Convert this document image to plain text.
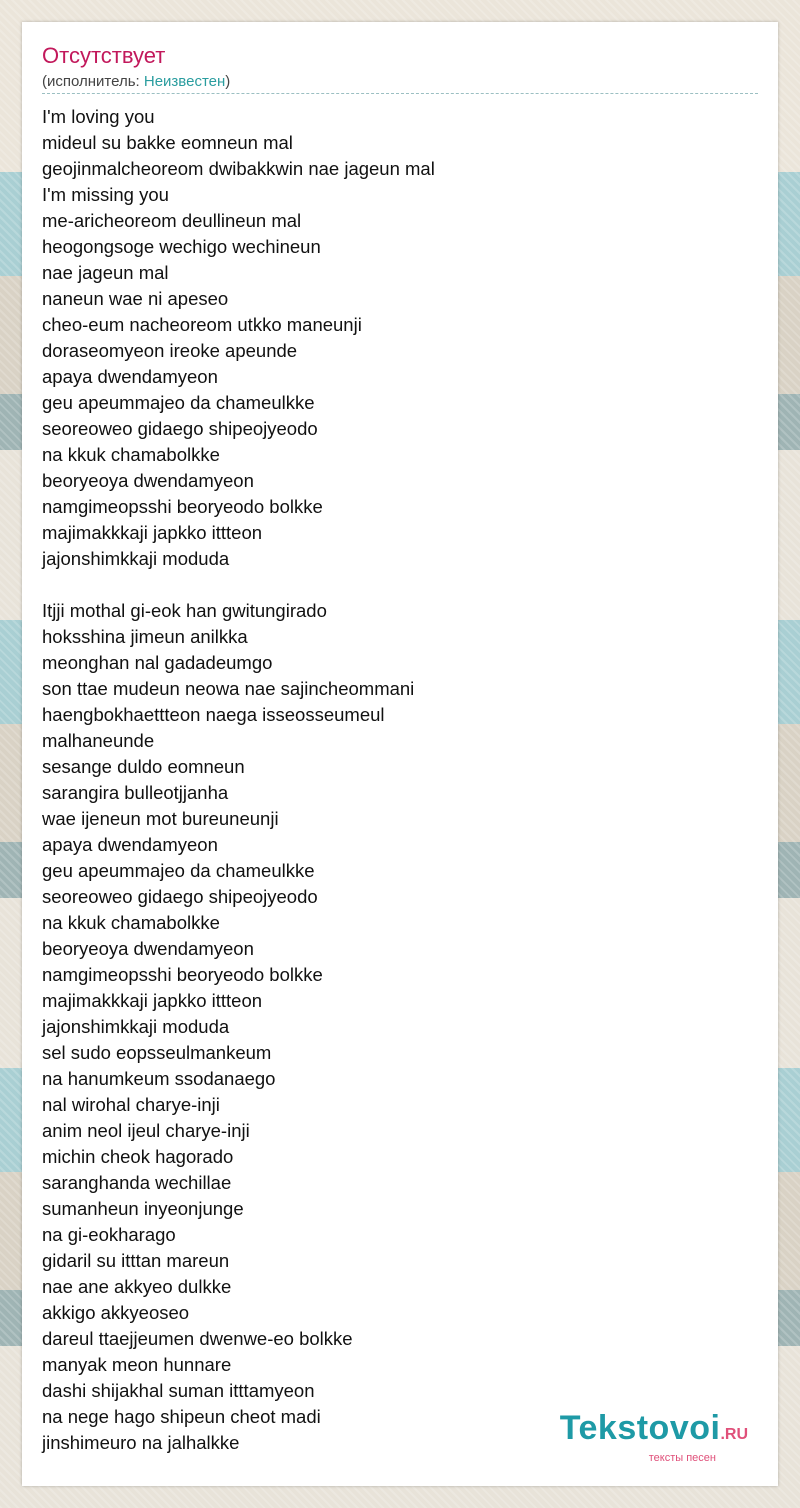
Отсутствует
(исполнитель: Неизвестен)
I'm loving you
mideul su bakke eomneun mal
geojinmalcheoreom dwibakkwin nae jageun mal
I'm missing you
me-aricheoreom deullineun mal
heogongsoge wechigo wechineun
nae jageun mal
naneun wae ni apeseo
cheo-eum nacheoreom utkko maneunji
doraseomyeon ireoke apeunde
apaya dwendamyeon
geu apeummajeo da chameulkke
seoreoweo gidaego shipeojyeodo
na kkuk chamabolkke
beoryeoya dwendamyeon
namgimeopsshi beoryeodo bolkke
majimakkkaji japkko ittteon
jajonshimkkaji moduda
Itjji mothal gi-eok han gwitungirado
hoksshina jimeun anilkka
meonghan nal gadadeumgo
son ttae mudeun neowa nae sajincheommani
haengbokhaettteon naega isseosseumeul
malhaneunde
sesange duldo eomneun
sarangira bulleotjjanha
wae ijeneun mot bureuneunji
apaya dwendamyeon
geu apeummajeo da chameulkke
seoreoweo gidaego shipeojyeodo
na kkuk chamabolkke
beoryeoya dwendamyeon
namgimeopsshi beoryeodo bolkke
majimakkkaji japkko ittteon
jajonshimkkaji moduda
sel sudo eopsseulmankeum
na hanumkeum ssodanaego
nal wirohal charye-inji
anim neol ijeul charye-inji
michin cheok hagorado
saranghanda wechillae
sumanheun inyeonjunge
na gi-eokharago
gidaril su itttan mareun
nae ane akkyeo dulkke
akkigo akkyeoseo
dareul ttaejjeumen dwenwe-eo bolkke
manyak meon hunnare
dashi shijakhal suman itttamyeon
na nege hago shipeun cheot madi
jinshimeuro na jalhalkke	Tekstovoi.RU
тексты песен
